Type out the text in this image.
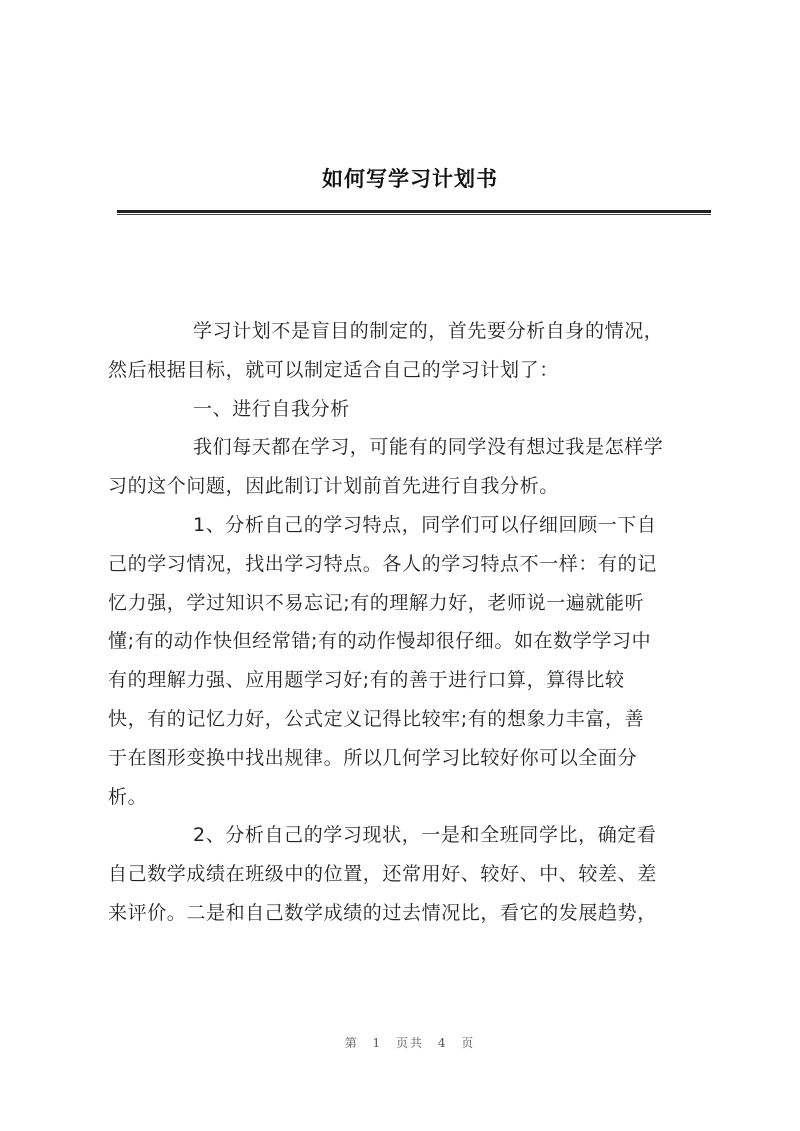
如何写学习计划书
学习计划不是盲目的制定的，首先要分析自身的情况，
然后根据目标，就可以制定适合自己的学习计划了：
一、进行自我分析
我们每天都在学习，可能有的同学没有想过我是怎样学
习的这个问题，因此制订计划前首先进行自我分析。
1、分析自己的学习特点，同学们可以仔细回顾一下自
己的学习情况，找出学习特点。各人的学习特点不一样：有的记
忆力强，学过知识不易忘记;有的理解力好，老师说一遍就能听
懂;有的动作快但经常错;有的动作慢却很仔细。如在数学学习中
有的理解力强、应用题学习好;有的善于进行口算，算得比较
快，有的记忆力好，公式定义记得比较牢;有的想象力丰富，善
于在图形变换中找出规律。所以几何学习比较好你可以全面分
析。
2、分析自己的学习现状，一是和全班同学比，确定看
自己数学成绩在班级中的位置，还常用好、较好、中、较差、差
来评价。二是和自己数学成绩的过去情况比，看它的发展趋势，
第 1 页共 4 页
